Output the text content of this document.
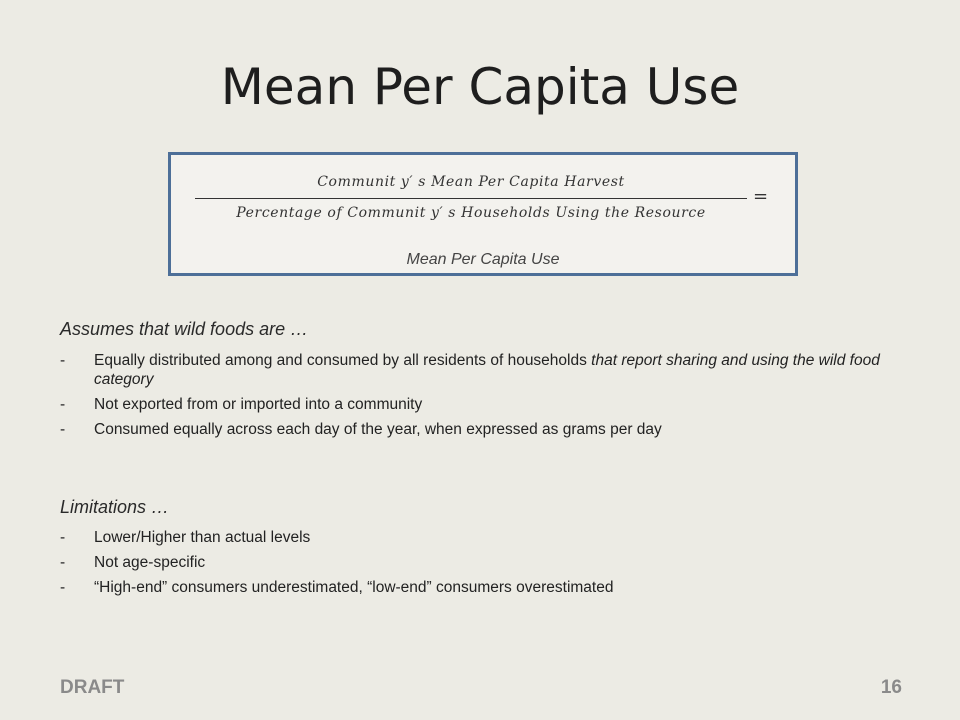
Mean Per Capita Use
Communit y′ s Mean Per Capita Harvest
Percentage of Communit y′ s Households Using the Resource
=
Mean Per Capita Use
Assumes that wild foods are …
- Equally distributed among and consumed by all residents of households that report sharing and using the wild food category
- Not exported from or imported into a community
- Consumed equally across each day of the year, when expressed as grams per day
Limitations …
- Lower/Higher than actual levels
- Not age-specific
- “High-end” consumers underestimated, “low-end” consumers overestimated
DRAFT	16
